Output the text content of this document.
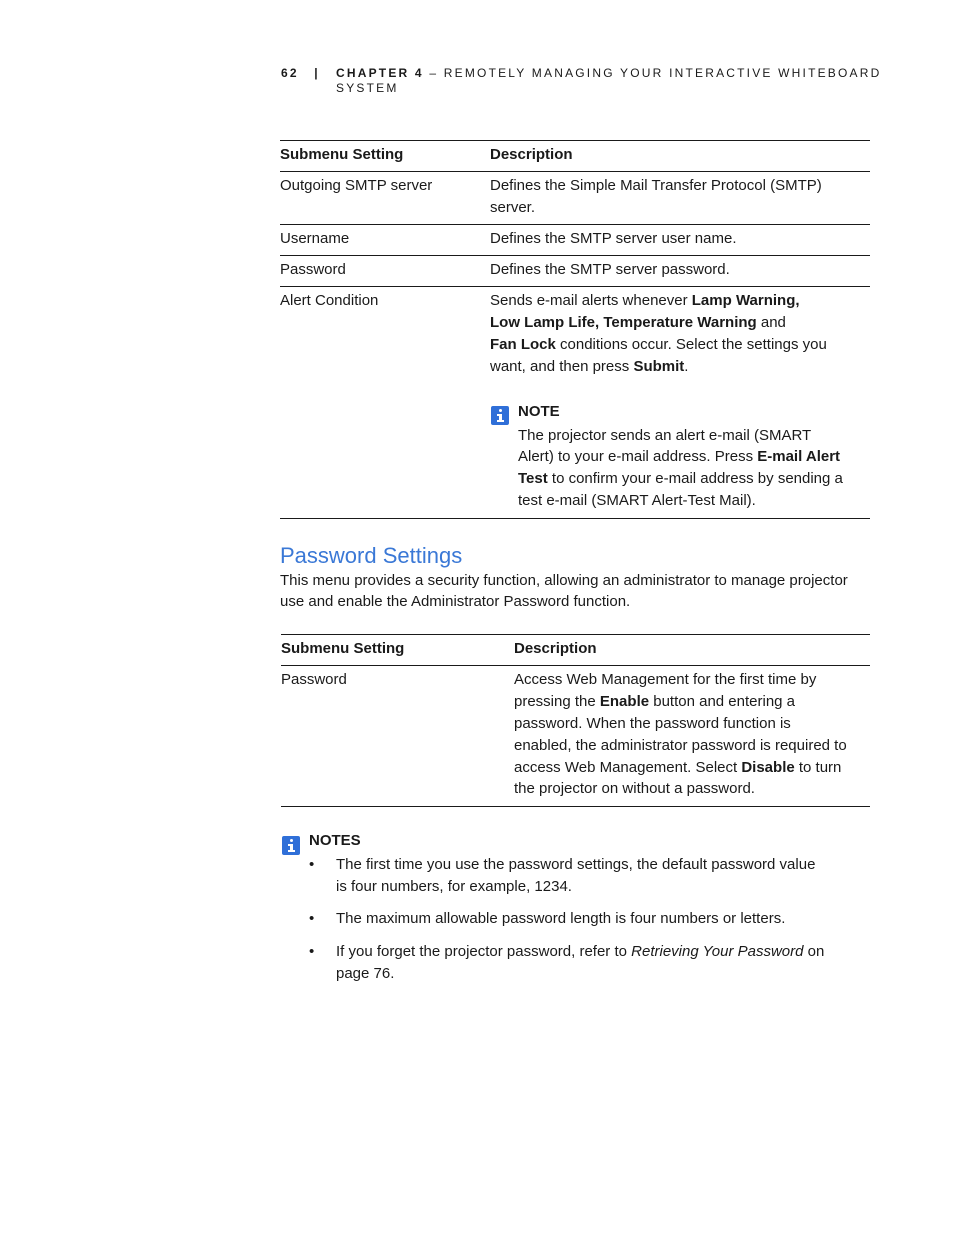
62 | CHAPTER 4 – REMOTELY MANAGING YOUR INTERACTIVE WHITEBOARD
SYSTEM
Submenu Setting	Description
Outgoing SMTP server	Defines the Simple Mail Transfer Protocol (SMTP)
server.
Username	Defines the SMTP server user name.
Password	Defines the SMTP server password.
Alert Condition	Sends e-mail alerts whenever Lamp Warning,
Low Lamp Life, Temperature Warning and
Fan Lock conditions occur. Select the settings you
want, and then press Submit.
NOTE
The projector sends an alert e-mail (SMART
Alert) to your e-mail address. Press E-mail Alert
Test to confirm your e-mail address by sending a
test e-mail (SMART Alert-Test Mail).
Password Settings
This menu provides a security function, allowing an administrator to manage projector
use and enable the Administrator Password function.
Submenu Setting	Description
Password	Access Web Management for the first time by
pressing the Enable button and entering a
password. When the password function is
enabled, the administrator password is required to
access Web Management. Select Disable to turn
the projector on without a password.
NOTES
• The first time you use the password settings, the default password value
is four numbers, for example, 1234.
• The maximum allowable password length is four numbers or letters.
• If you forget the projector password, refer to Retrieving Your Password on
page 76.
